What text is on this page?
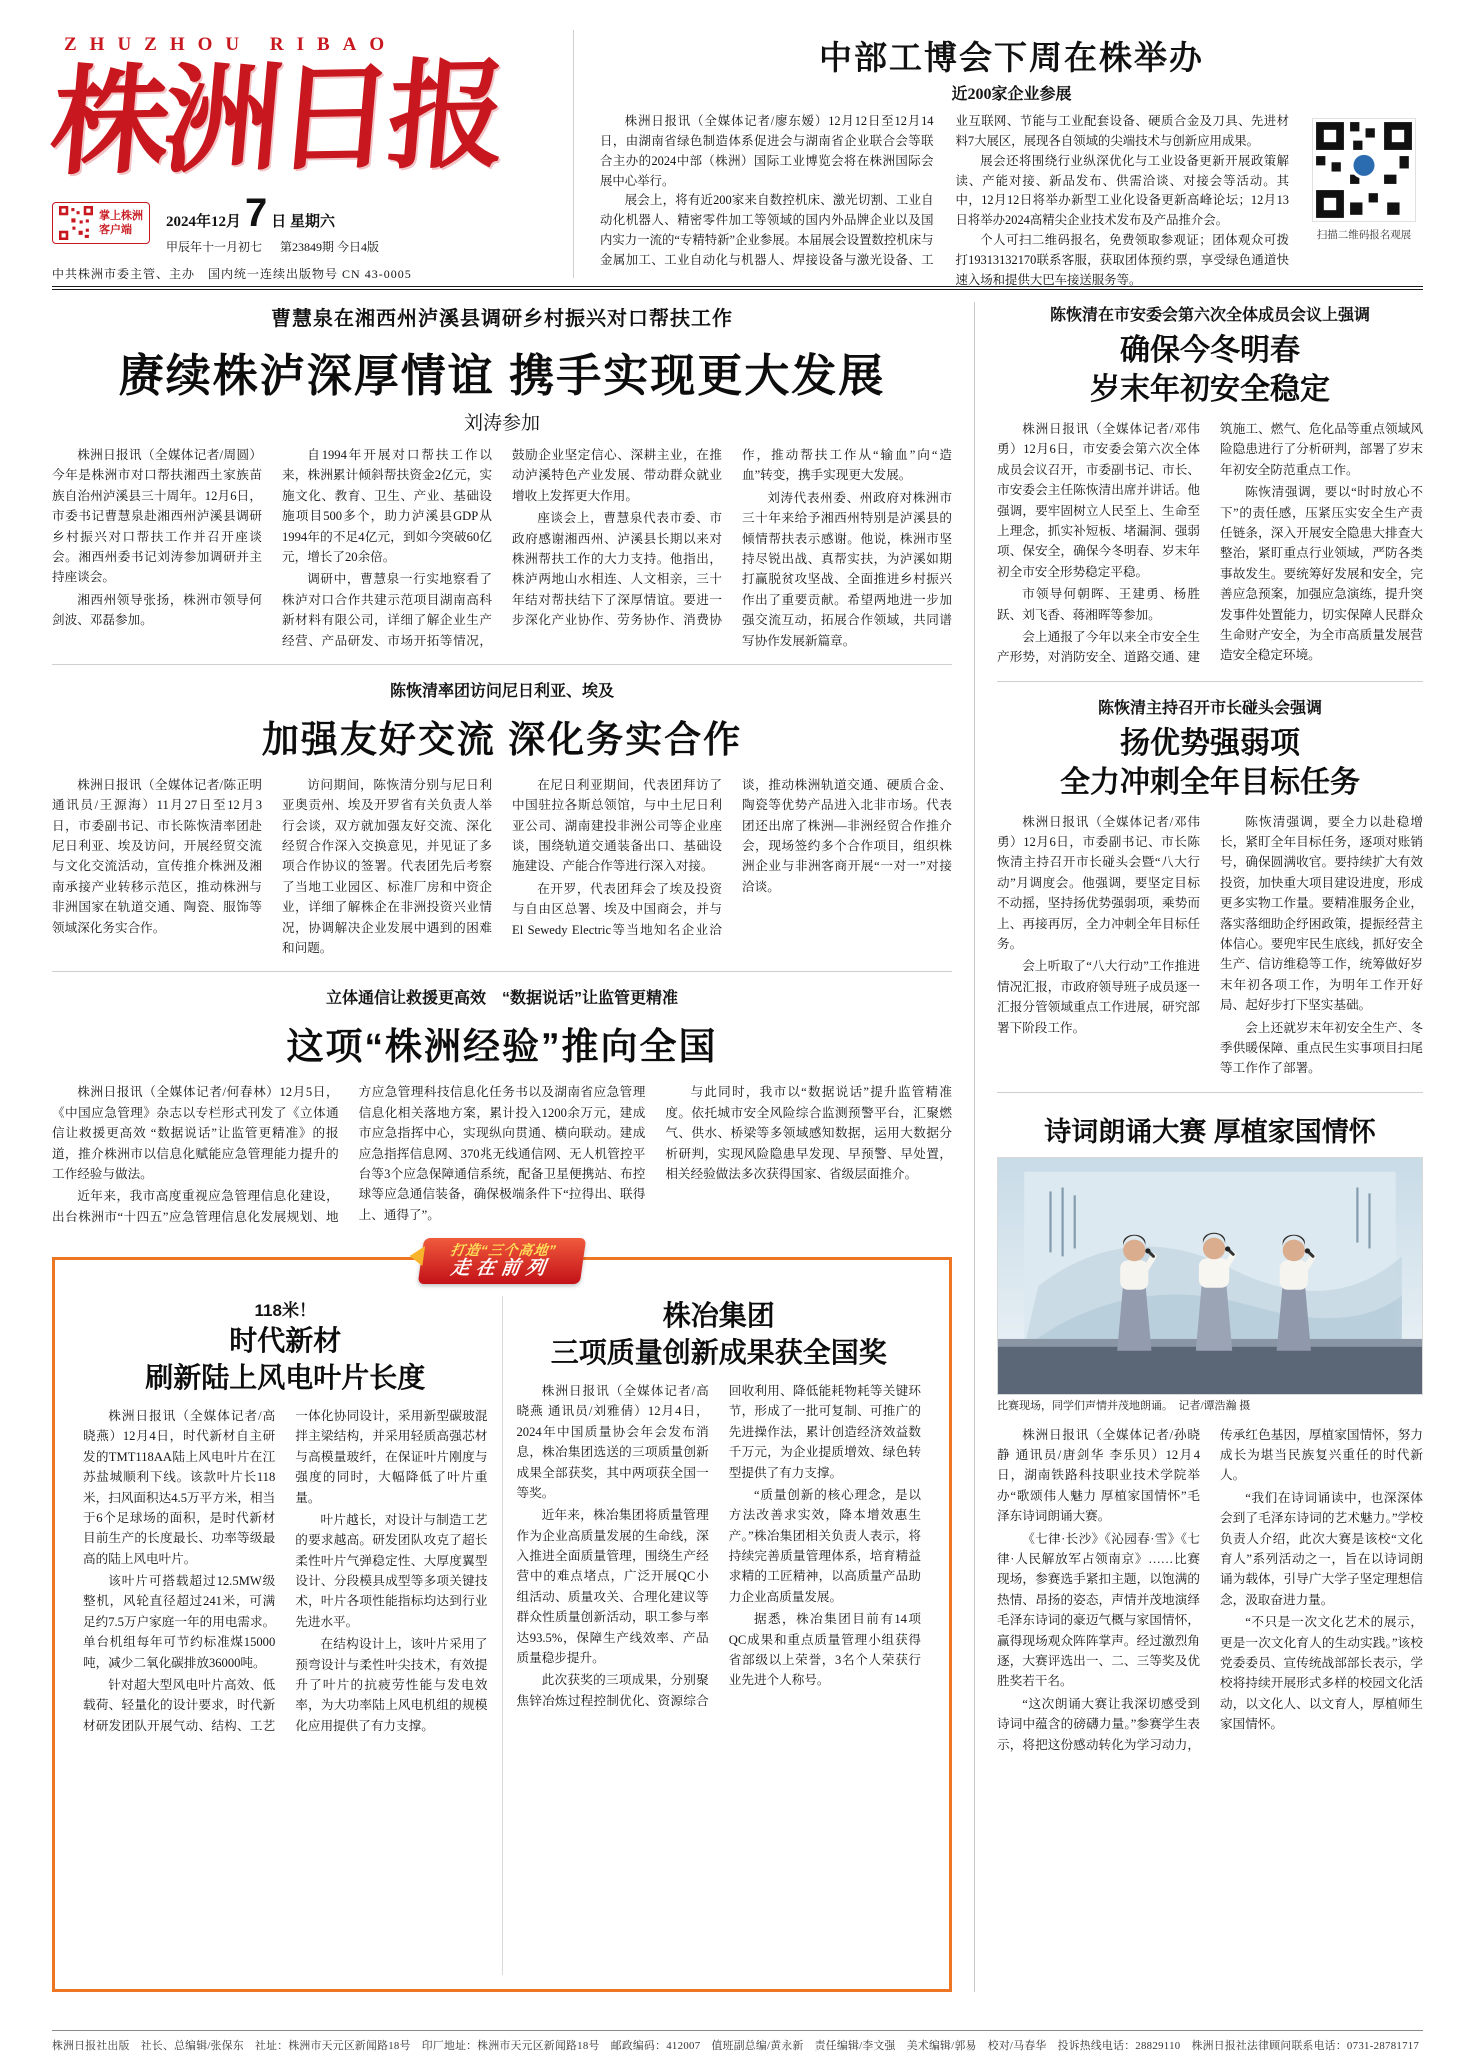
ZHUZHOU RIBAO
株洲日报
掌上株洲
客户端	2024年12月 7 日 星期六
甲辰年十一月初七 第23849期 今日4版
中共株洲市委主管、主办　 国内统一连续出版物号 CN 43-0005
中部工博会下周在株举办
近200家企业参展

株洲日报讯（全媒体记者/廖东嫒）12月12日至12月14日，由湖南省绿色制造体系促进会与湖南省企业联合会等联合主办的2024中部（株洲）国际工业博览会将在株洲国际会展中心举行。

展会上，将有近200家来自数控机床、激光切割、工业自动化机器人、精密零件加工等领域的国内外品牌企业以及国内实力一流的“专精特新”企业参展。本届展会设置数控机床与金属加工、工业自动化与机器人、焊接设备与激光设备、工业互联网、节能与工业配套设备、硬质合金及刀具、先进材料7大展区，展现各自领域的尖端技术与创新应用成果。

展会还将围绕行业纵深优化与工业设备更新开展政策解读、产能对接、新品发布、供需洽谈、对接会等活动。其中，12月12日将举办新型工业化设备更新高峰论坛；12月13日将举办2024高精尖企业技术发布及产品推介会。

个人可扫二维码报名，免费领取参观证；团体观众可拨打19313132170联系客服，获取团体预约票，享受绿色通道快速入场和提供大巴车接送服务等。

扫描二维码报名观展
曹慧泉在湘西州泸溪县调研乡村振兴对口帮扶工作
赓续株泸深厚情谊 携手实现更大发展
刘涛参加

株洲日报讯（全媒体记者/周圆）今年是株洲市对口帮扶湘西土家族苗族自治州泸溪县三十周年。12月6日，市委书记曹慧泉赴湘西州泸溪县调研乡村振兴对口帮扶工作并召开座谈会。湘西州委书记刘涛参加调研并主持座谈会。

湘西州领导张扬，株洲市领导何剑波、邓磊参加。

自1994年开展对口帮扶工作以来，株洲累计倾斜帮扶资金2亿元，实施文化、教育、卫生、产业、基础设施项目500多个，助力泸溪县GDP从1994年的不足4亿元，到如今突破60亿元，增长了20余倍。

调研中，曹慧泉一行实地察看了株泸对口合作共建示范项目湖南高科新材料有限公司，详细了解企业生产经营、产品研发、市场开拓等情况，鼓励企业坚定信心、深耕主业，在推动泸溪特色产业发展、带动群众就业增收上发挥更大作用。

座谈会上，曹慧泉代表市委、市政府感谢湘西州、泸溪县长期以来对株洲帮扶工作的大力支持。他指出，株泸两地山水相连、人文相亲，三十年结对帮扶结下了深厚情谊。要进一步深化产业协作、劳务协作、消费协作，推动帮扶工作从“输血”向“造血”转变，携手实现更大发展。

刘涛代表州委、州政府对株洲市三十年来给予湘西州特别是泸溪县的倾情帮扶表示感谢。他说，株洲市坚持尽锐出战、真帮实扶，为泸溪如期打赢脱贫攻坚战、全面推进乡村振兴作出了重要贡献。希望两地进一步加强交流互动，拓展合作领域，共同谱写协作发展新篇章。

陈恢清率团访问尼日利亚、埃及
加强友好交流 深化务实合作

株洲日报讯（全媒体记者/陈正明 通讯员/王源海）11月27日至12月3日，市委副书记、市长陈恢清率团赴尼日利亚、埃及访问，开展经贸交流与文化交流活动，宣传推介株洲及湘南承接产业转移示范区，推动株洲与非洲国家在轨道交通、陶瓷、服饰等领域深化务实合作。

访问期间，陈恢清分别与尼日利亚奥贡州、埃及开罗省有关负责人举行会谈，双方就加强友好交流、深化经贸合作深入交换意见，并见证了多项合作协议的签署。代表团先后考察了当地工业园区、标准厂房和中资企业，详细了解株企在非洲投资兴业情况，协调解决企业发展中遇到的困难和问题。

在尼日利亚期间，代表团拜访了中国驻拉各斯总领馆，与中土尼日利亚公司、湖南建投非洲公司等企业座谈，围绕轨道交通装备出口、基础设施建设、产能合作等进行深入对接。

在开罗，代表团拜会了埃及投资与自由区总署、埃及中国商会，并与El Sewedy Electric等当地知名企业洽谈，推动株洲轨道交通、硬质合金、陶瓷等优势产品进入北非市场。代表团还出席了株洲—非洲经贸合作推介会，现场签约多个合作项目，组织株洲企业与非洲客商开展“一对一”对接洽谈。

立体通信让救援更高效　“数据说话”让监管更精准
这项“株洲经验”推向全国

株洲日报讯（全媒体记者/何春林）12月5日，《中国应急管理》杂志以专栏形式刊发了《立体通信让救援更高效 “数据说话”让监管更精准》的报道，推介株洲市以信息化赋能应急管理能力提升的工作经验与做法。

近年来，我市高度重视应急管理信息化建设，出台株洲市“十四五”应急管理信息化发展规划、地方应急管理科技信息化任务书以及湖南省应急管理信息化相关落地方案，累计投入1200余万元，建成市应急指挥中心，实现纵向贯通、横向联动。建成应急指挥信息网、370兆无线通信网、无人机管控平台等3个应急保障通信系统，配备卫星便携站、布控球等应急通信装备，确保极端条件下“拉得出、联得上、通得了”。

与此同时，我市以“数据说话”提升监管精准度。依托城市安全风险综合监测预警平台，汇聚燃气、供水、桥梁等多领域感知数据，运用大数据分析研判，实现风险隐患早发现、早预警、早处置，相关经验做法多次获得国家、省级层面推介。

打造“三个高地”
走在前列
118米！
时代新材
刷新陆上风电叶片长度

株洲日报讯（全媒体记者/高晓燕）12月4日，时代新材自主研发的TMT118AA陆上风电叶片在江苏盐城顺利下线。该款叶片长118米，扫风面积达4.5万平方米，相当于6个足球场的面积，是时代新材目前生产的长度最长、功率等级最高的陆上风电叶片。

该叶片可搭载超过12.5MW级整机，风轮直径超过241米，可满足约7.5万户家庭一年的用电需求。单台机组每年可节约标准煤15000吨，减少二氧化碳排放36000吨。

针对超大型风电叶片高效、低载荷、轻量化的设计要求，时代新材研发团队开展气动、结构、工艺一体化协同设计，采用新型碳玻混拌主梁结构，并采用轻质高强芯材与高模量玻纤，在保证叶片刚度与强度的同时，大幅降低了叶片重量。

叶片越长，对设计与制造工艺的要求越高。研发团队攻克了超长柔性叶片气弹稳定性、大厚度翼型设计、分段模具成型等多项关键技术，叶片各项性能指标均达到行业先进水平。

在结构设计上，该叶片采用了预弯设计与柔性叶尖技术，有效提升了叶片的抗疲劳性能与发电效率，为大功率陆上风电机组的规模化应用提供了有力支撑。

株冶集团
三项质量创新成果获全国奖

株洲日报讯（全媒体记者/高晓燕 通讯员/刘雅倩）12月4日，2024年中国质量协会年会发布消息，株冶集团选送的三项质量创新成果全部获奖，其中两项获全国一等奖。

近年来，株冶集团将质量管理作为企业高质量发展的生命线，深入推进全面质量管理，围绕生产经营中的难点堵点，广泛开展QC小组活动、质量攻关、合理化建议等群众性质量创新活动，职工参与率达93.5%，保障生产线效率、产品质量稳步提升。

此次获奖的三项成果，分别聚焦锌冶炼过程控制优化、资源综合回收利用、降低能耗物耗等关键环节，形成了一批可复制、可推广的先进操作法，累计创造经济效益数千万元，为企业提质增效、绿色转型提供了有力支撑。

“质量创新的核心理念，是以方法改善求实效，降本增效惠生产。”株冶集团相关负责人表示，将持续完善质量管理体系，培育精益求精的工匠精神，以高质量产品助力企业高质量发展。

据悉，株冶集团目前有14项QC成果和重点质量管理小组获得省部级以上荣誉，3名个人荣获行业先进个人称号。

陈恢清在市安委会第六次全体成员会议上强调
确保今冬明春
岁末年初安全稳定

株洲日报讯（全媒体记者/邓伟勇）12月6日，市安委会第六次全体成员会议召开，市委副书记、市长、市安委会主任陈恢清出席并讲话。他强调，要牢固树立人民至上、生命至上理念，抓实补短板、堵漏洞、强弱项、保安全，确保今冬明春、岁末年初全市安全形势稳定平稳。

市领导何朝晖、王建勇、杨胜跃、刘飞香、蒋湘晖等参加。

会上通报了今年以来全市安全生产形势，对消防安全、道路交通、建筑施工、燃气、危化品等重点领域风险隐患进行了分析研判，部署了岁末年初安全防范重点工作。

陈恢清强调，要以“时时放心不下”的责任感，压紧压实安全生产责任链条，深入开展安全隐患大排查大整治，紧盯重点行业领域，严防各类事故发生。要统筹好发展和安全，完善应急预案，加强应急演练，提升突发事件处置能力，切实保障人民群众生命财产安全，为全市高质量发展营造安全稳定环境。

陈恢清主持召开市长碰头会强调
扬优势强弱项
全力冲刺全年目标任务

株洲日报讯（全媒体记者/邓伟勇）12月6日，市委副书记、市长陈恢清主持召开市长碰头会暨“八大行动”月调度会。他强调，要坚定目标不动摇，坚持扬优势强弱项，乘势而上、再接再厉，全力冲刺全年目标任务。

会上听取了“八大行动”工作推进情况汇报，市政府领导班子成员逐一汇报分管领域重点工作进展，研究部署下阶段工作。

陈恢清强调，要全力以赴稳增长，紧盯全年目标任务，逐项对账销号，确保圆满收官。要持续扩大有效投资，加快重大项目建设进度，形成更多实物工作量。要精准服务企业，落实落细助企纾困政策，提振经营主体信心。要兜牢民生底线，抓好安全生产、信访维稳等工作，统筹做好岁末年初各项工作，为明年工作开好局、起好步打下坚实基础。

会上还就岁末年初安全生产、冬季供暖保障、重点民生实事项目扫尾等工作作了部署。

诗词朗诵大赛 厚植家国情怀
比赛现场，同学们声情并茂地朗诵。　记者/谭浩瀚 摄

株洲日报讯（全媒体记者/孙晓静 通讯员/唐剑华 李乐贝）12月4日，湖南铁路科技职业技术学院举办“歌颂伟人魅力 厚植家国情怀”毛泽东诗词朗诵大赛。

《七律·长沙》《沁园春·雪》《七律·人民解放军占领南京》……比赛现场，参赛选手紧扣主题，以饱满的热情、昂扬的姿态，声情并茂地演绎毛泽东诗词的豪迈气概与家国情怀，赢得现场观众阵阵掌声。经过激烈角逐，大赛评选出一、二、三等奖及优胜奖若干名。

“这次朗诵大赛让我深切感受到诗词中蕴含的磅礴力量。”参赛学生表示，将把这份感动转化为学习动力，传承红色基因，厚植家国情怀，努力成长为堪当民族复兴重任的时代新人。

“我们在诗词诵读中，也深深体会到了毛泽东诗词的艺术魅力。”学校负责人介绍，此次大赛是该校“文化育人”系列活动之一，旨在以诗词朗诵为载体，引导广大学子坚定理想信念，汲取奋进力量。

“不只是一次文化艺术的展示，更是一次文化育人的生动实践。”该校党委委员、宣传统战部部长表示，学校将持续开展形式多样的校园文化活动，以文化人、以文育人，厚植师生家国情怀。

株洲日报社出版　社长、总编辑/张保东　社址：株洲市天元区新闻路18号　印厂地址：株洲市天元区新闻路18号　邮政编码：412007　值班副总编/黄永新　责任编辑/李文强　美术编辑/郭易　校对/马春华　投诉热线电话：28829110　株洲日报社法律顾问联系电话：0731-28781717
